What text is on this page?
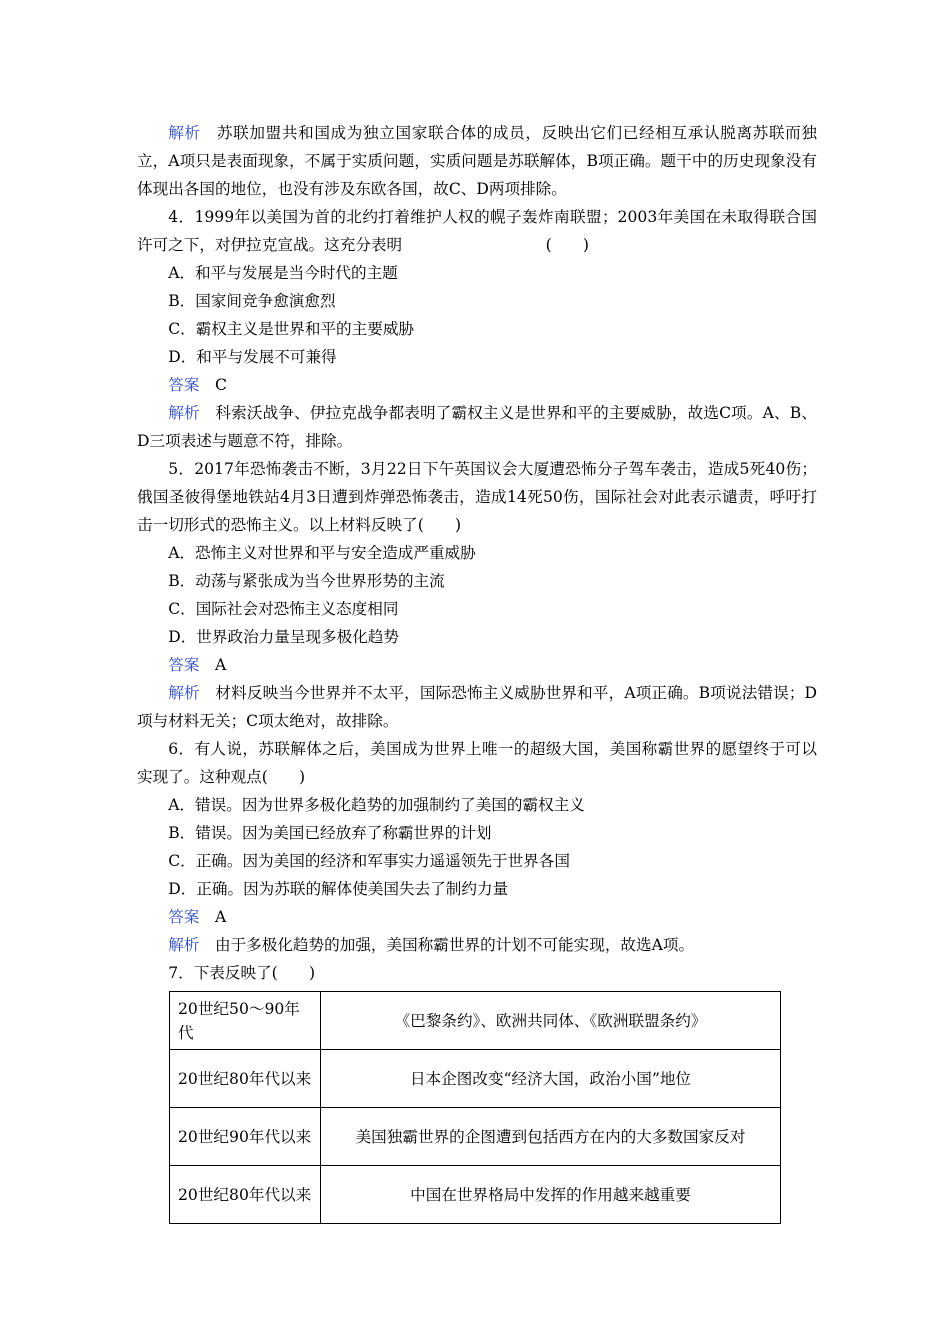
解析 苏联加盟共和国成为独立国家联合体的成员，反映出它们已经相互承认脱离苏联而独立，A项只是表面现象，不属于实质问题，实质问题是苏联解体，B项正确。题干中的历史现象没有体现出各国的地位，也没有涉及东欧各国，故C、D两项排除。

4．1999年以美国为首的北约打着维护人权的幌子轰炸南联盟；2003年美国在未取得联合国许可之下，对伊拉克宣战。这充分表明	(　　)

A．和平与发展是当今时代的主题

B．国家间竞争愈演愈烈

C．霸权主义是世界和平的主要威胁

D．和平与发展不可兼得

答案 C

解析 科索沃战争、伊拉克战争都表明了霸权主义是世界和平的主要威胁，故选C项。A、B、D三项表述与题意不符，排除。

5．2017年恐怖袭击不断，3月22日下午英国议会大厦遭恐怖分子驾车袭击，造成5死40伤；俄国圣彼得堡地铁站4月3日遭到炸弹恐怖袭击，造成14死50伤，国际社会对此表示谴责，呼吁打击一切形式的恐怖主义。以上材料反映了(　　)

A．恐怖主义对世界和平与安全造成严重威胁

B．动荡与紧张成为当今世界形势的主流

C．国际社会对恐怖主义态度相同

D．世界政治力量呈现多极化趋势

答案 A

解析 材料反映当今世界并不太平，国际恐怖主义威胁世界和平，A项正确。B项说法错误；D项与材料无关；C项太绝对，故排除。

6．有人说，苏联解体之后，美国成为世界上唯一的超级大国，美国称霸世界的愿望终于可以实现了。这种观点(　　)

A．错误。因为世界多极化趋势的加强制约了美国的霸权主义

B．错误。因为美国已经放弃了称霸世界的计划

C．正确。因为美国的经济和军事实力遥遥领先于世界各国

D．正确。因为苏联的解体使美国失去了制约力量

答案 A

解析 由于多极化趋势的加强，美国称霸世界的计划不可能实现，故选A项。

7．下表反映了(　　)

20世纪50～90年代	《巴黎条约》、欧洲共同体、《欧洲联盟条约》
20世纪80年代以来	日本企图改变“经济大国，政治小国”地位
20世纪90年代以来	美国独霸世界的企图遭到包括西方在内的大多数国家反对
20世纪80年代以来	中国在世界格局中发挥的作用越来越重要
